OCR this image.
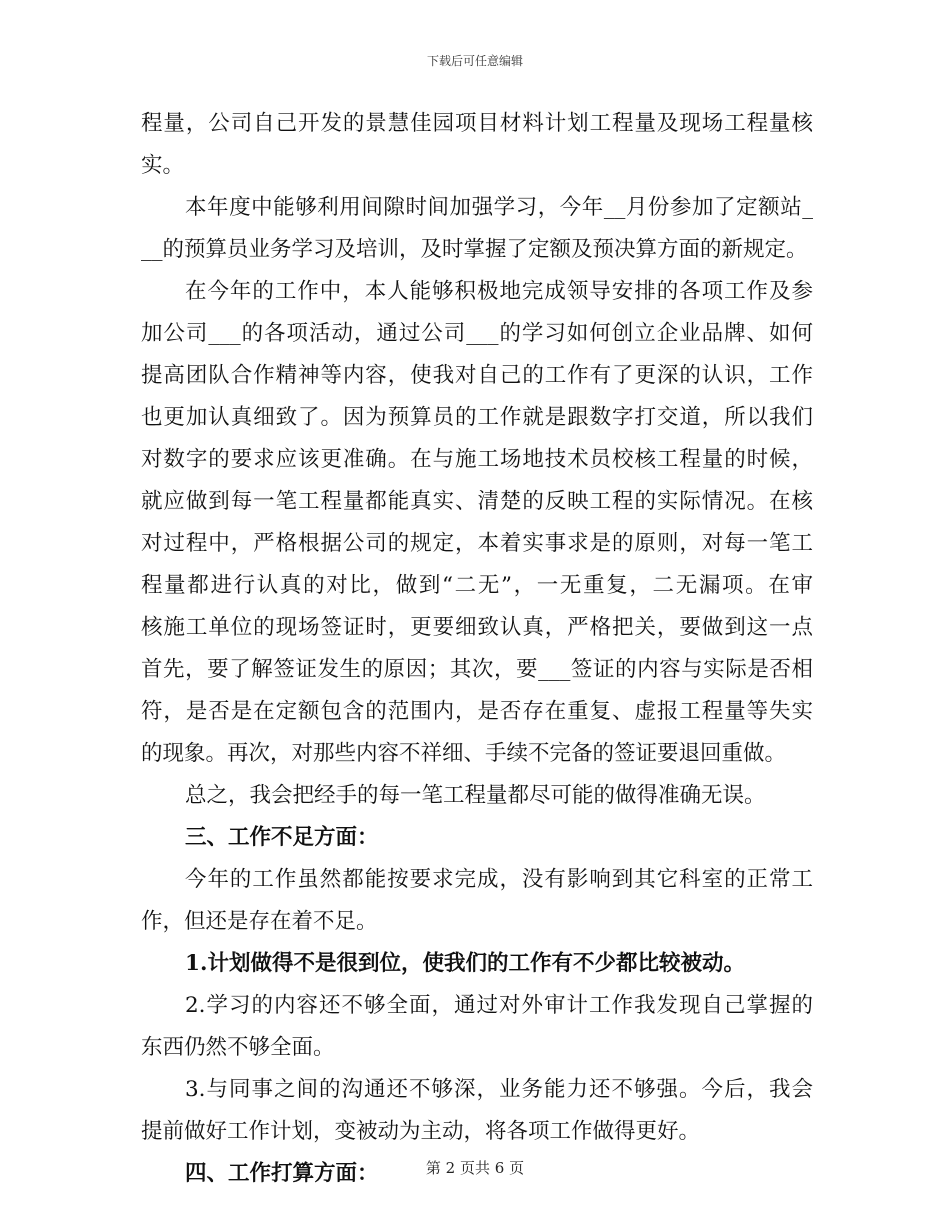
下载后可任意编辑
程量，公司自己开发的景慧佳园项目材料计划工程量及现场工程量核
实。
本年度中能够利用间隙时间加强学习，今年__月份参加了定额站_
__的预算员业务学习及培训，及时掌握了定额及预决算方面的新规定。
在今年的工作中，本人能够积极地完成领导安排的各项工作及参
加公司___的各项活动，通过公司___的学习如何创立企业品牌、如何
提高团队合作精神等内容，使我对自己的工作有了更深的认识，工作
也更加认真细致了。因为预算员的工作就是跟数字打交道，所以我们
对数字的要求应该更准确。在与施工场地技术员校核工程量的时候，
就应做到每一笔工程量都能真实、清楚的反映工程的实际情况。在核
对过程中，严格根据公司的规定，本着实事求是的原则，对每一笔工
程量都进行认真的对比，做到“二无”，一无重复，二无漏项。在审
核施工单位的现场签证时，更要细致认真，严格把关，要做到这一点
首先，要了解签证发生的原因；其次，要___签证的内容与实际是否相
符，是否是在定额包含的范围内，是否存在重复、虚报工程量等失实
的现象。再次，对那些内容不祥细、手续不完备的签证要退回重做。
总之，我会把经手的每一笔工程量都尽可能的做得准确无误。
三、工作不足方面：
今年的工作虽然都能按要求完成，没有影响到其它科室的正常工
作，但还是存在着不足。
1.计划做得不是很到位，使我们的工作有不少都比较被动。
2.学习的内容还不够全面，通过对外审计工作我发现自己掌握的
东西仍然不够全面。
3.与同事之间的沟通还不够深，业务能力还不够强。今后，我会
提前做好工作计划，变被动为主动，将各项工作做得更好。
四、工作打算方面：	第 2 页共 6 页
